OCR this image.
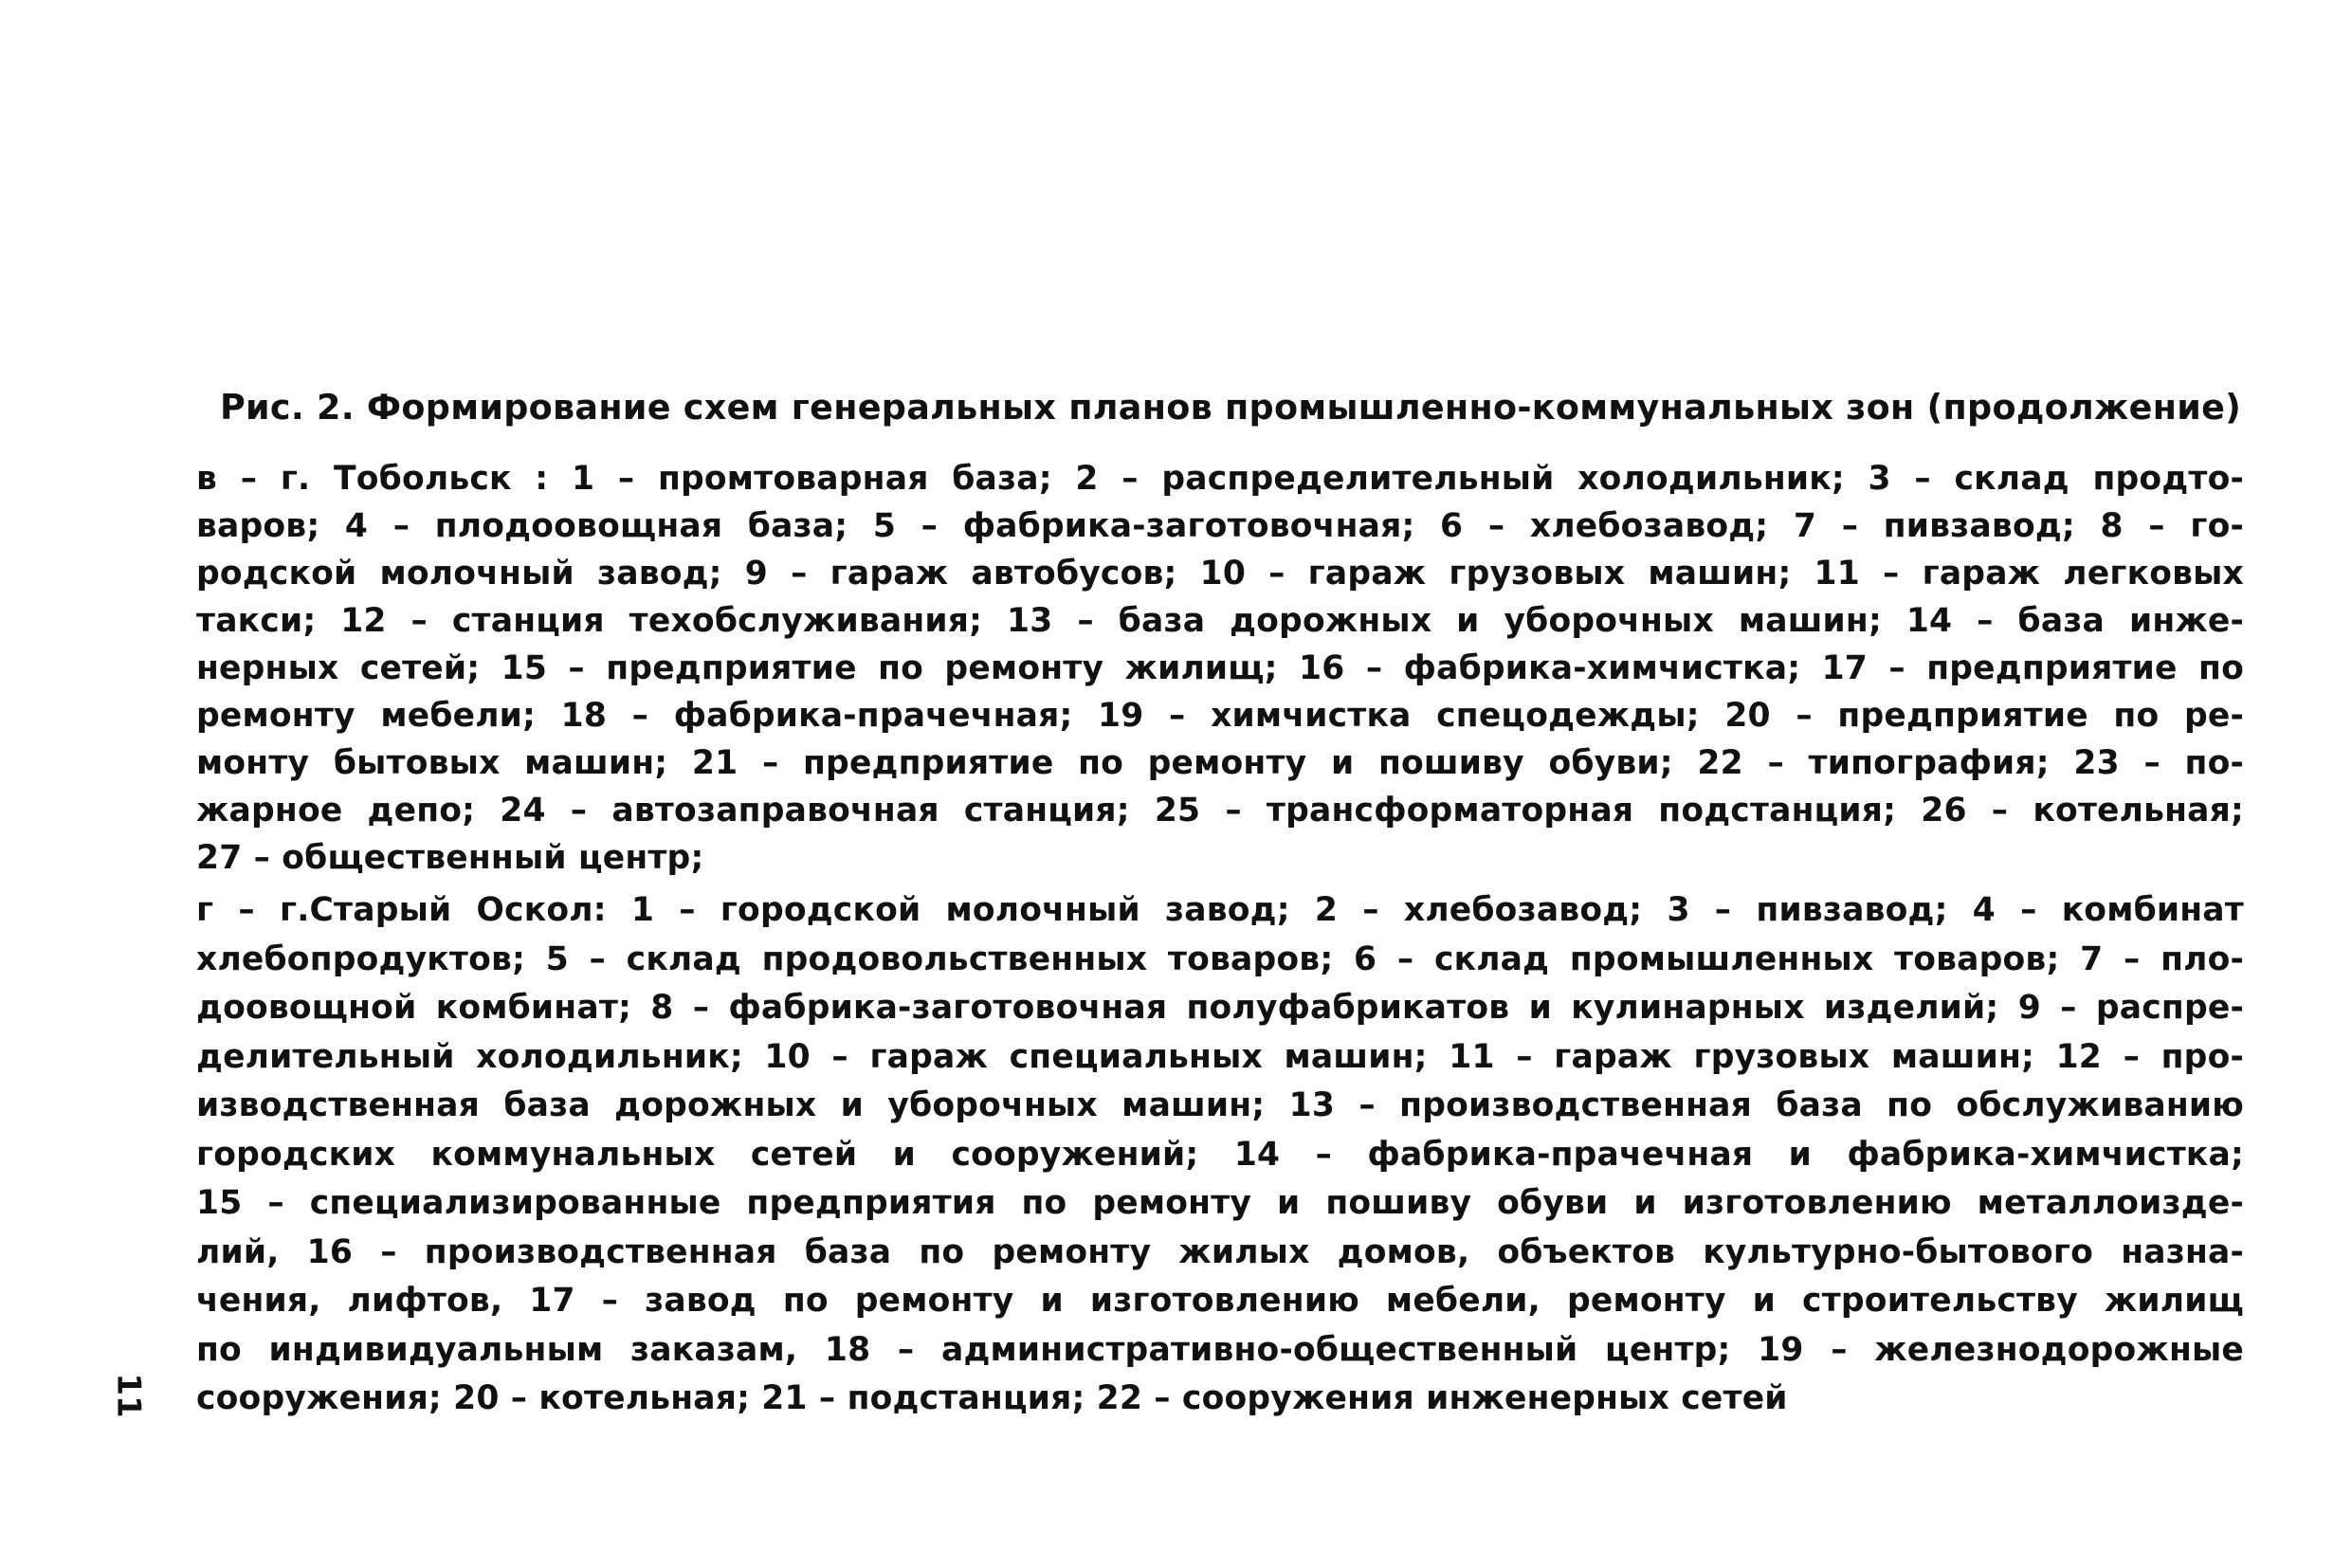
Рис. 2. Формирование схем генеральных планов промышленно-коммунальных зон (продолжение)
в – г. Тобольск : 1 – промтоварная база; 2 – распределительный холодильник; 3 – склад продто-
варов; 4 – плодоовощная база; 5 – фабрика-заготовочная; 6 – хлебозавод; 7 – пивзавод; 8 – го-
родской молочный завод; 9 – гараж автобусов; 10 – гараж грузовых машин; 11 – гараж легковых
такси; 12 – станция техобслуживания; 13 – база дорожных и уборочных машин; 14 – база инже-
нерных сетей; 15 – предприятие по ремонту жилищ; 16 – фабрика-химчистка; 17 – предприятие по
ремонту мебели; 18 – фабрика-прачечная; 19 – химчистка спецодежды; 20 – предприятие по ре-
монту бытовых машин; 21 – предприятие по ремонту и пошиву обуви; 22 – типография; 23 – по-
жарное депо; 24 – автозаправочная станция; 25 – трансформаторная подстанция; 26 – котельная;
27 – общественный центр;
г – г.Старый Оскол: 1 – городской молочный завод; 2 – хлебозавод; 3 – пивзавод; 4 – комбинат
хлебопродуктов; 5 – склад продовольственных товаров; 6 – склад промышленных товаров; 7 – пло-
доовощной комбинат; 8 – фабрика-заготовочная полуфабрикатов и кулинарных изделий; 9 – распре-
делительный холодильник; 10 – гараж специальных машин; 11 – гараж грузовых машин; 12 – про-
изводственная база дорожных и уборочных машин; 13 – производственная база по обслуживанию
городских коммунальных сетей и сооружений; 14 – фабрика-прачечная и фабрика-химчистка;
15 – специализированные предприятия по ремонту и пошиву обуви и изготовлению металлоизде-
лий, 16 – производственная база по ремонту жилых домов, объектов культурно-бытового назна-
чения, лифтов, 17 – завод по ремонту и изготовлению мебели, ремонту и строительству жилищ
по индивидуальным заказам, 18 – административно-общественный центр; 19 – железнодорожные
сооружения; 20 – котельная; 21 – подстанция; 22 – сооружения инженерных сетей
11
